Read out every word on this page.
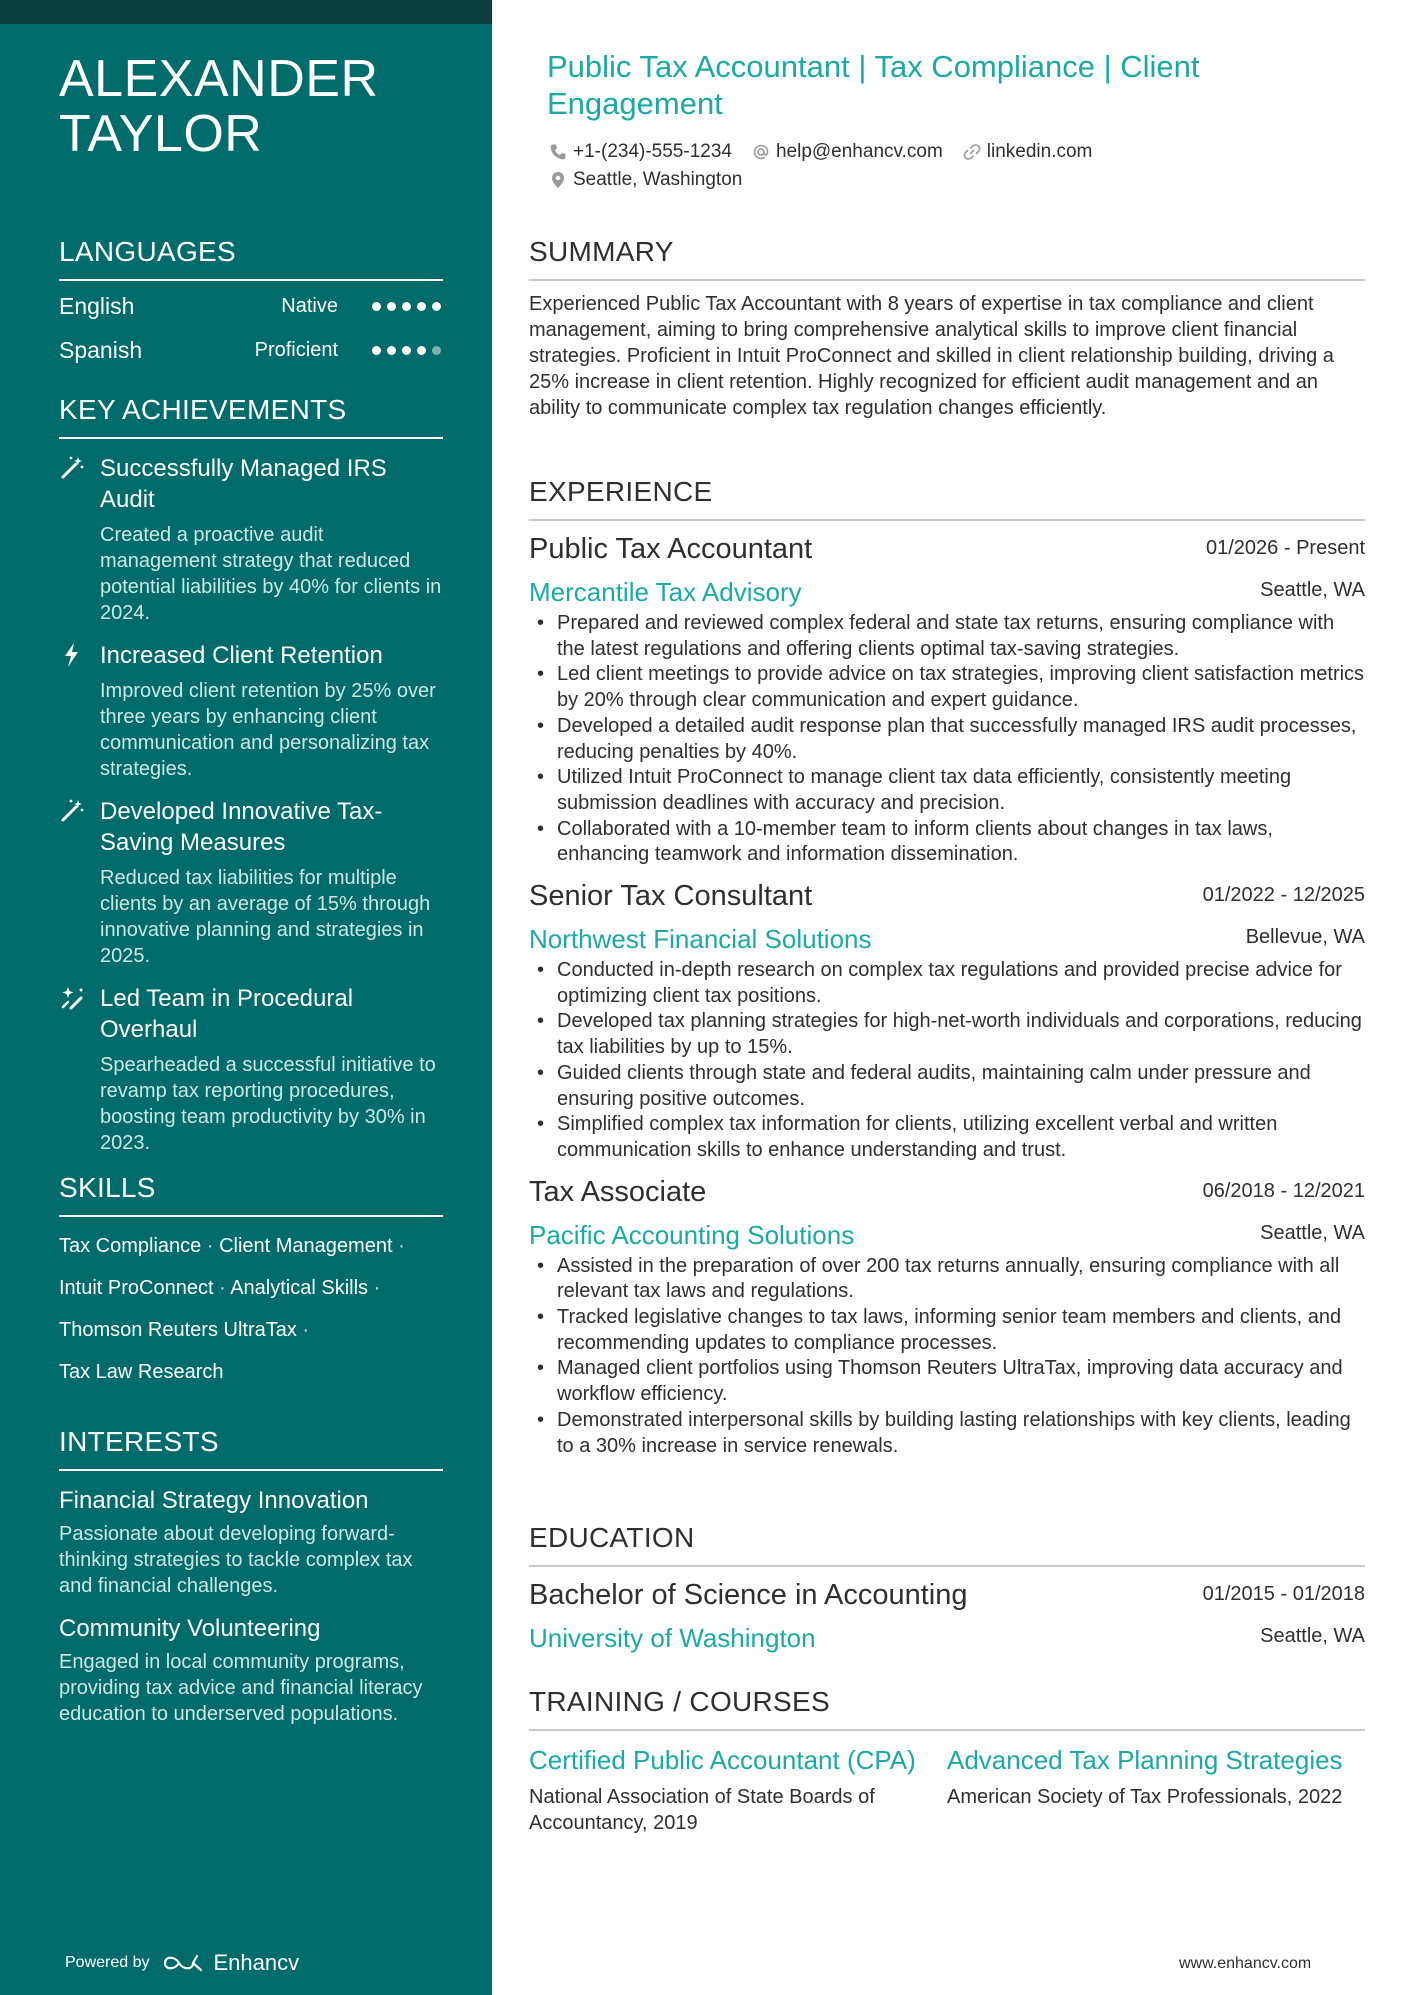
ALEXANDER TAYLOR
LANGUAGES
English	Native
Spanish	Proficient
KEY ACHIEVEMENTS
Successfully Managed IRS Audit
Created a proactive audit management strategy that reduced potential liabilities by 40% for clients in 2024.
Increased Client Retention
Improved client retention by 25% over three years by enhancing client communication and personalizing tax strategies.
Developed Innovative Tax-Saving Measures
Reduced tax liabilities for multiple clients by an average of 15% through innovative planning and strategies in 2025.
Led Team in Procedural Overhaul
Spearheaded a successful initiative to revamp tax reporting procedures, boosting team productivity by 30% in 2023.
SKILLS
Tax Compliance · Client Management ·
Intuit ProConnect · Analytical Skills ·
Thomson Reuters UltraTax ·
Tax Law Research
INTERESTS
Financial Strategy Innovation
Passionate about developing forward-thinking strategies to tackle complex tax and financial challenges.
Community Volunteering
Engaged in local community programs, providing tax advice and financial literacy education to underserved populations.
Powered by	Enhancv
Public Tax Accountant | Tax Compliance | Client Engagement
+1-(234)-555-1234 help@enhancv.com linkedin.com
Seattle, Washington
SUMMARY
Experienced Public Tax Accountant with 8 years of expertise in tax compliance and client management, aiming to bring comprehensive analytical skills to improve client financial strategies. Proficient in Intuit ProConnect and skilled in client relationship building, driving a 25% increase in client retention. Highly recognized for efficient audit management and an ability to communicate complex tax regulation changes efficiently.
EXPERIENCE
Public Tax Accountant	01/2026 - Present
Mercantile Tax Advisory	Seattle, WA
• Prepared and reviewed complex federal and state tax returns, ensuring compliance with the latest regulations and offering clients optimal tax-saving strategies.
• Led client meetings to provide advice on tax strategies, improving client satisfaction metrics by 20% through clear communication and expert guidance.
• Developed a detailed audit response plan that successfully managed IRS audit processes, reducing penalties by 40%.
• Utilized Intuit ProConnect to manage client tax data efficiently, consistently meeting submission deadlines with accuracy and precision.
• Collaborated with a 10-member team to inform clients about changes in tax laws, enhancing teamwork and information dissemination.
Senior Tax Consultant	01/2022 - 12/2025
Northwest Financial Solutions	Bellevue, WA
• Conducted in-depth research on complex tax regulations and provided precise advice for optimizing client tax positions.
• Developed tax planning strategies for high-net-worth individuals and corporations, reducing tax liabilities by up to 15%.
• Guided clients through state and federal audits, maintaining calm under pressure and ensuring positive outcomes.
• Simplified complex tax information for clients, utilizing excellent verbal and written communication skills to enhance understanding and trust.
Tax Associate	06/2018 - 12/2021
Pacific Accounting Solutions	Seattle, WA
• Assisted in the preparation of over 200 tax returns annually, ensuring compliance with all relevant tax laws and regulations.
• Tracked legislative changes to tax laws, informing senior team members and clients, and recommending updates to compliance processes.
• Managed client portfolios using Thomson Reuters UltraTax, improving data accuracy and workflow efficiency.
• Demonstrated interpersonal skills by building lasting relationships with key clients, leading to a 30% increase in service renewals.
EDUCATION
Bachelor of Science in Accounting	01/2015 - 01/2018
University of Washington	Seattle, WA
TRAINING / COURSES
Certified Public Accountant (CPA)
National Association of State Boards of Accountancy, 2019
Advanced Tax Planning Strategies
American Society of Tax Professionals, 2022
www.enhancv.com
